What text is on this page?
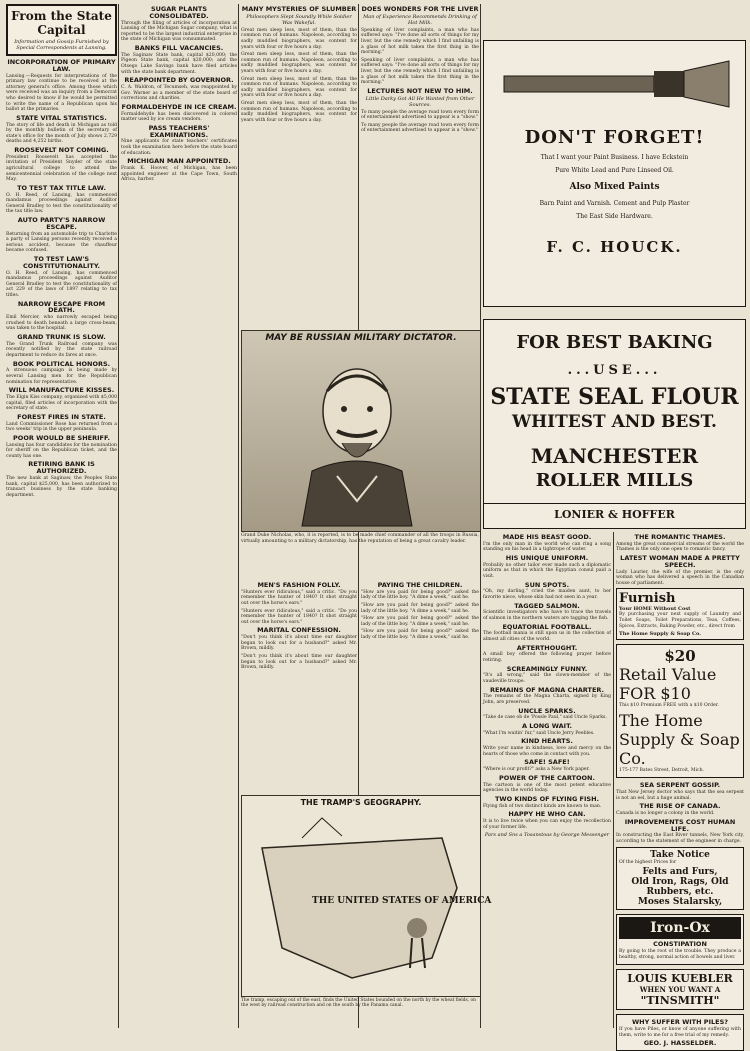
From the State Capital
Information and Gossip Furnished by Special Correspondents at Lansing.
INCORPORATION OF PRIMARY LAW.

Lansing.—Requests for interpretations of the primary law continue to be received at the attorney general's office. Among those which were received was an inquiry from a Democrat who desired to know if he would be permitted to write the name of a Republican upon his ballot at the primaries.

STATE VITAL STATISTICS.

The story of life and death in Michigan as told by the monthly bulletin of the secretary of state's office for the month of July shows 2,729 deaths and 4,252 births.

ROOSEVELT NOT COMING.

President Roosevelt has accepted the invitation of President Snyder of the state agricultural college to attend the semicentennial celebration of the college next May.

TO TEST TAX TITLE LAW.

O. H. Reed, of Lansing, has commenced mandamus proceedings against Auditor General Bradley to test the constitutionality of the tax title law.

AUTO PARTY'S NARROW ESCAPE.

Returning from an automobile trip to Charlotte a party of Lansing persons recently received a serious accident, because the chauffeur became confused.

TO TEST LAW'S CONSTITUTIONALITY.

O. H. Reed, of Lansing, has commenced mandamus proceedings against Auditor General Bradley to test the constitutionality of act 229 of the laws of 1897 relating to tax titles.

NARROW ESCAPE FROM DEATH.

Emil Mercier, who narrowly escaped being crushed to death beneath a large cross-beam, was taken to the hospital.

GRAND TRUNK IS SLOW.

The Grand Trunk Railroad company was recently notified by the state railroad department to reduce its fares at once.

BOOK POLITICAL HONORS.

A strenuous campaign is being made by several Lansing men for the Republican nomination for representative.

WILL MANUFACTURE KISSES.

The Elgin Kiss company, organized with $5,000 capital, filed articles of incorporation with the secretary of state.

FOREST FIRES IN STATE.

Land Commissioner Rose has returned from a two weeks' trip in the upper peninsula.

POOR WOULD BE SHERIFF.

Lansing has four candidates for the nomination for sheriff on the Republican ticket, and the county has one.

RETIRING BANK IS AUTHORIZED.

The new bank at Saginaw, the Peoples State bank, capital $25,000, has been authorized to transact business by the state banking department.

SUGAR PLANTS CONSOLIDATED.

Through the filing of articles of incorporation at Lansing of the Michigan Sugar company, what is reported to be the largest industrial enterprise in the state of Michigan was consummated.

BANKS FILL VACANCIES.

The Saginaw State bank, capital $20,000; the Pigeon State bank, capital $20,000; and the Otsego Lake Savings bank have filed articles with the state bank department.

REAPPOINTED BY GOVERNOR.

C. A. Waldron, of Tecumseh, was reappointed by Gov. Warner as a member of the state board of corrections and charities.

FORMALDEHYDE IN ICE CREAM.

Formaldehyde has been discovered in colored matter used by ice cream vendors.

PASS TEACHERS' EXAMINATIONS.

Nine applicants for state teachers' certificates took the examination here before the state board of education.

MICHIGAN MAN APPOINTED.

Frank K. Hoover, of Michigan, has been appointed engineer at the Cape Town, South Africa, harbor.

MANY MYSTERIES OF SLUMBER
Philosophers Slept Soundly While Soldier Was Wakeful.

Great men sleep less, most of them, than the common run of humans. Napoleon, according to sadly muddled biographers, was content for years with four or five hours a day.

Great men sleep less, most of them, than the common run of humans. Napoleon, according to sadly muddled biographers, was content for years with four or five hours a day.

Great men sleep less, most of them, than the common run of humans. Napoleon, according to sadly muddled biographers, was content for years with four or five hours a day.

Great men sleep less, most of them, than the common run of humans. Napoleon, according to sadly muddled biographers, was content for years with four or five hours a day.

DOES WONDERS FOR THE LIVER
Man of Experience Recommends Drinking of Hot Milk.

Speaking of liver complaints, a man who has suffered says: "I've done all sorts of things for my liver, but the one remedy which I find unfailing is a glass of hot milk taken the first thing in the morning."

Speaking of liver complaints, a man who has suffered says: "I've done all sorts of things for my liver, but the one remedy which I find unfailing is a glass of hot milk taken the first thing in the morning."

LECTURES NOT NEW TO HIM.
Little Darky Got All He Wanted from Other Sources.

To many people the average road town every form of entertainment advertised to appear is a "show."

To many people the average road town every form of entertainment advertised to appear is a "show."

MAY BE RUSSIAN MILITARY DICTATOR.
Grand Duke Nicholas, who, it is reported, is to be made chief commander of all the troops in Russia, virtually amounting to a military dictatorship, has the reputation of being a great cavalry leader.
MEN'S FASHION FOLLY.

"Hunters ever ridiculous," said a critic. "Do you remember the hunter of 1840? It shot straight out over the horse's ears."

"Hunters ever ridiculous," said a critic. "Do you remember the hunter of 1840? It shot straight out over the horse's ears."

MARITAL CONFESSION.

"Don't you think it's about time our daughter began to look out for a husband?" asked Mr. Brown, mildly.

"Don't you think it's about time our daughter began to look out for a husband?" asked Mr. Brown, mildly.

PAYING THE CHILDREN.

"How are you paid for being good?" asked the lady of the little boy. "A dime a week," said he.

"How are you paid for being good?" asked the lady of the little boy. "A dime a week," said he.

"How are you paid for being good?" asked the lady of the little boy. "A dime a week," said he.

"How are you paid for being good?" asked the lady of the little boy. "A dime a week," said he.

THE TRAMP'S GEOGRAPHY.
THE UNITED STATES OF AMERICA
The tramp, escaping out of the east, finds the United States bounded on the north by the wheat fields, on the west by railroad construction and on the south by the Panama canal.
DON'T FORGET!
That I want your Paint Business. I have Eckstein
Pure White Lead and Pure Linseed Oil.
Also Mixed Paints
Barn Paint and Varnish. Cement and Pulp Plaster
The East Side Hardware.
F. C. HOUCK.
FOR BEST BAKING
...USE...
STATE SEAL FLOUR
WHITEST AND BEST.
MANCHESTER
ROLLER MILLS
LONIER & HOFFER
MADE HIS BEAST GOOD.

I'm the only man in the world who can ring a song standing on his head in a tightrope of water.

HIS UNIQUE UNIFORM.

Probably no other tailor ever made such a diplomatic uniform as that in which the Egyptian consul paid a visit.

SUN SPOTS.

"Oh, my darling," cried the maiden aunt, to her favorite niece, whose skin had not seen in a year.

TAGGED SALMON.

Scientific investigators who have to trace the travels of salmon in the northern waters are tagging the fish.

EQUATORIAL FOOTBALL.

The football mania is still upon us in the collection of almost all cities of the world.

AFTERTHOUGHT.

A small boy offered the following prayer before retiring.

SCREAMINGLY FUNNY.

"It's all wrong," said the clown-member of the vaudeville troupe.

REMAINS OF MAGNA CHARTER.

The remains of the Magna Charta, signed by King John, are preserved.

UNCLE SPARKS.

"Take de case ob de 'Possle Paul," said Uncle Sparks.

A LONG WAIT.

"What I'm waitin' fur," said Uncle Jerry Peebles.

KIND HEARTS.

Write your name in kindness, love and mercy on the hearts of those who come in contact with you.

SAFE! SAFE!

"Where is our profit?" asks a New York paper.

POWER OF THE CARTOON.

The cartoon is one of the most potent educative agencies in the world today.

TWO KINDS OF FLYING FISH.

Flying fish of two distinct kinds are known to man.

HAPPY HE WHO CAN.

It is to live twice when you can enjoy the recollection of your former life.

Pars and Sns a Tosanstoas by George Messenger
THE ROMANTIC THAMES.

Among the great commercial streams of the world the Thames is the only one open to romantic fancy.

LATEST WOMAN MADE A PRETTY SPEECH.

Lady Laurier, the wife of the premier, is the only woman who has delivered a speech in the Canadian house of parliament.

Furnish
Your HOME Without Cost
By purchasing your next supply of Laundry and Toilet Soaps, Toilet Preparations, Teas, Coffees, Spices, Extracts, Baking Powder, etc., direct from
The Home Supply & Soap Co.
$20
Retail Value FOR $10
This $10 Premium FREE with a $10 Order.
The Home Supply & Soap Co.
175-177 Bates Street, Detroit, Mich.
SEA SERPENT GOSSIP.

That New Jersey doctor who says that the sea serpent is not an eel, but a huge animal.

THE RISE OF CANADA.

Canada is no longer a colony in the world.

IMPROVEMENTS COST HUMAN LIFE.

In constructing the East River tunnels, New York city, according to the statement of the engineer in charge.

Take Notice
Of the highest Prices for
Felts and Furs,
Old Iron, Rags, Old Rubbers, etc.
Moses Stalarsky,
Iron-Ox
CONSTIPATION
By going to the root of the trouble. They produce a healthy, strong, normal action of bowels and liver.
LOUIS KUEBLER
WHEN YOU WANT A
"TINSMITH"
WHY SUFFER WITH PILES?
If you have Piles, or know of anyone suffering with them, write to me for a free trial of my remedy.
GEO. J. HASSELDER.
